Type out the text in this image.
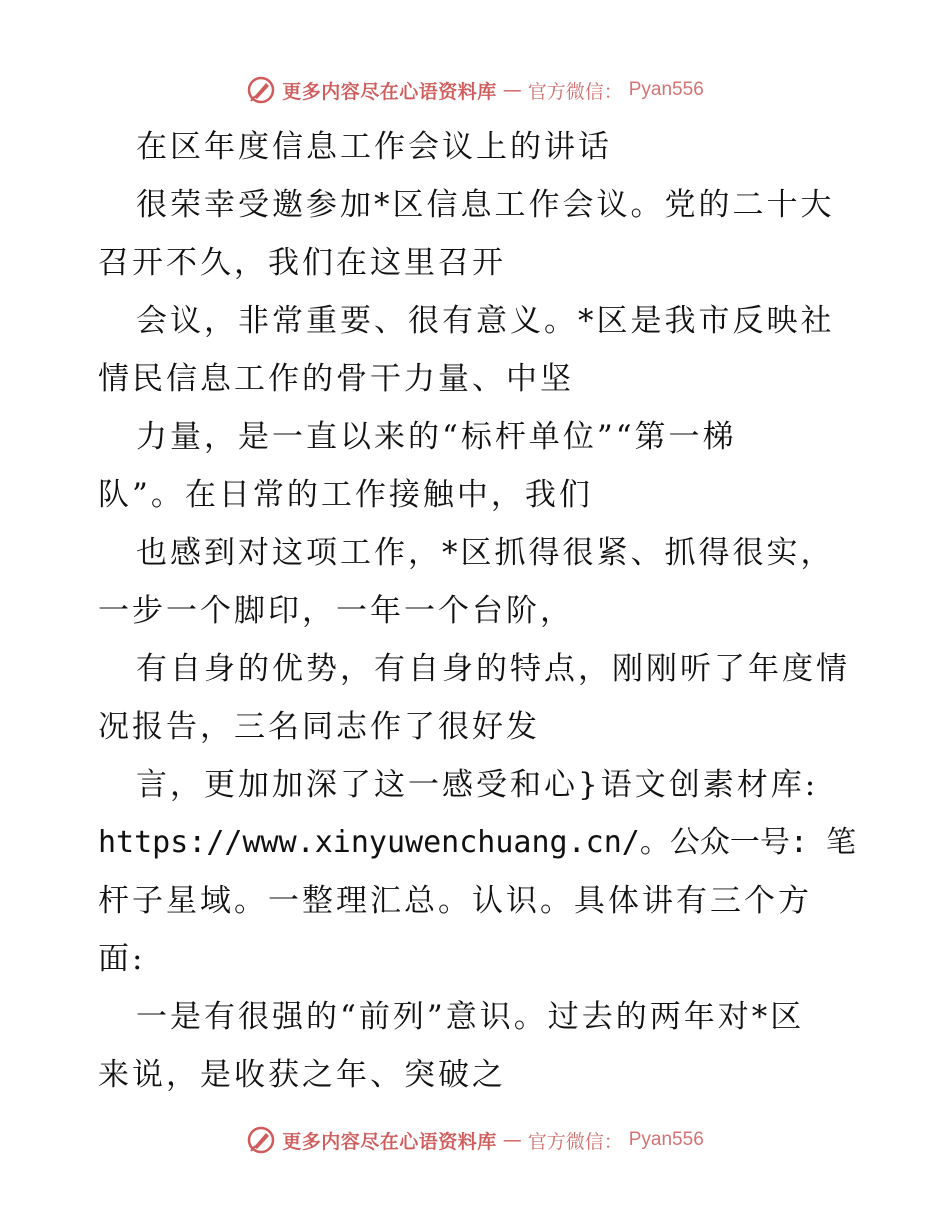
更多内容尽在心语资料库 — 官方微信： Pyan556
在区年度信息工作会议上的讲话
很荣幸受邀参加*区信息工作会议。党的二十大
召开不久，我们在这里召开
会议，非常重要、很有意义。*区是我市反映社
情民信息工作的骨干力量、中坚
力量，是一直以来的“标杆单位”“第一梯
队”。在日常的工作接触中，我们
也感到对这项工作，*区抓得很紧、抓得很实，
一步一个脚印，一年一个台阶，
有自身的优势，有自身的特点，刚刚听了年度情
况报告，三名同志作了很好发
言，更加加深了这一感受和心}语文创素材库:
https://www.xinyuwenchuang.cn/。公众一号: 笔
杆子星域。一整理汇总。认识。具体讲有三个方
面:
一是有很强的“前列”意识。过去的两年对*区
来说，是收获之年、突破之
更多内容尽在心语资料库 — 官方微信： Pyan556
